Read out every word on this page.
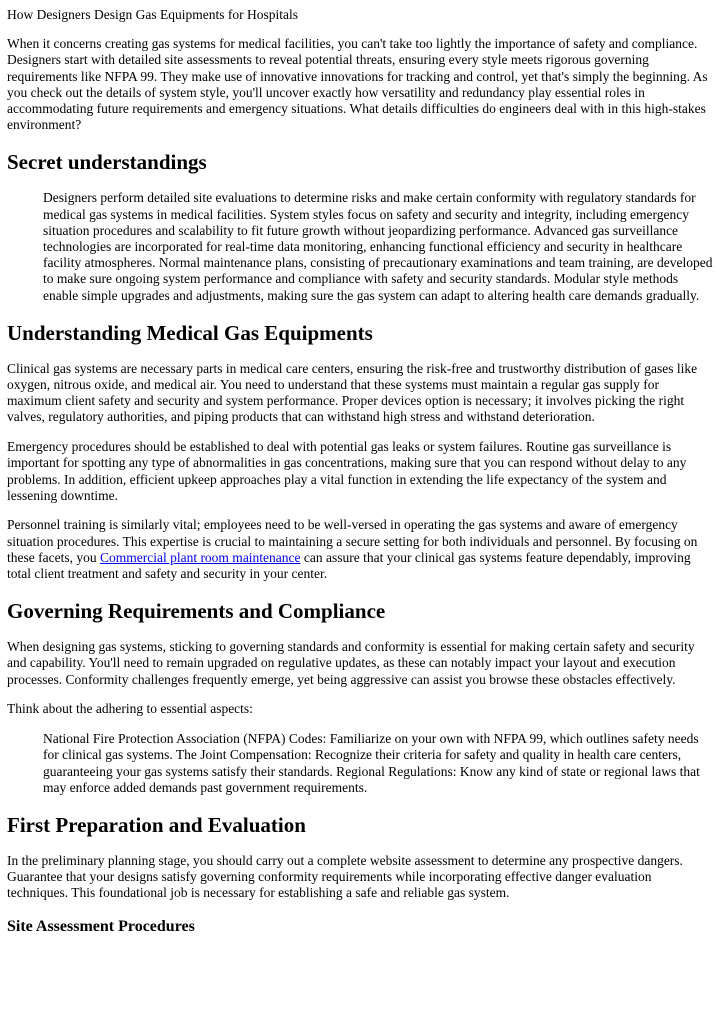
How Designers Design Gas Equipments for Hospitals

When it concerns creating gas systems for medical facilities, you can't take too lightly the importance of safety and compliance. Designers start with detailed site assessments to reveal potential threats, ensuring every style meets rigorous governing requirements like NFPA 99. They make use of innovative innovations for tracking and control, yet that's simply the beginning. As you check out the details of system style, you'll uncover exactly how versatility and redundancy play essential roles in accommodating future requirements and emergency situations. What details difficulties do engineers deal with in this high-stakes environment?

Secret understandings
Designers perform detailed site evaluations to determine risks and make certain conformity with regulatory standards for medical gas systems in medical facilities. System styles focus on safety and security and integrity, including emergency situation procedures and scalability to fit future growth without jeopardizing performance. Advanced gas surveillance technologies are incorporated for real-time data monitoring, enhancing functional efficiency and security in healthcare facility atmospheres. Normal maintenance plans, consisting of precautionary examinations and team training, are developed to make sure ongoing system performance and compliance with safety and security standards. Modular style methods enable simple upgrades and adjustments, making sure the gas system can adapt to altering health care demands gradually.
Understanding Medical Gas Equipments

Clinical gas systems are necessary parts in medical care centers, ensuring the risk-free and trustworthy distribution of gases like oxygen, nitrous oxide, and medical air. You need to understand that these systems must maintain a regular gas supply for maximum client safety and security and system performance. Proper devices option is necessary; it involves picking the right valves, regulatory authorities, and piping products that can withstand high stress and withstand deterioration.

Emergency procedures should be established to deal with potential gas leaks or system failures. Routine gas surveillance is important for spotting any type of abnormalities in gas concentrations, making sure that you can respond without delay to any problems. In addition, efficient upkeep approaches play a vital function in extending the life expectancy of the system and lessening downtime.

Personnel training is similarly vital; employees need to be well-versed in operating the gas systems and aware of emergency situation procedures. This expertise is crucial to maintaining a secure setting for both individuals and personnel. By focusing on these facets, you Commercial plant room maintenance can assure that your clinical gas systems feature dependably, improving total client treatment and safety and security in your center.

Governing Requirements and Compliance

When designing gas systems, sticking to governing standards and conformity is essential for making certain safety and security and capability. You'll need to remain upgraded on regulative updates, as these can notably impact your layout and execution processes. Conformity challenges frequently emerge, yet being aggressive can assist you browse these obstacles effectively.

Think about the adhering to essential aspects:

National Fire Protection Association (NFPA) Codes: Familiarize on your own with NFPA 99, which outlines safety needs for clinical gas systems. The Joint Compensation: Recognize their criteria for safety and quality in health care centers, guaranteeing your gas systems satisfy their standards. Regional Regulations: Know any kind of state or regional laws that may enforce added demands past government requirements.
First Preparation and Evaluation

In the preliminary planning stage, you should carry out a complete website assessment to determine any prospective dangers. Guarantee that your designs satisfy governing conformity requirements while incorporating effective danger evaluation techniques. This foundational job is necessary for establishing a safe and reliable gas system.

Site Assessment Procedures
